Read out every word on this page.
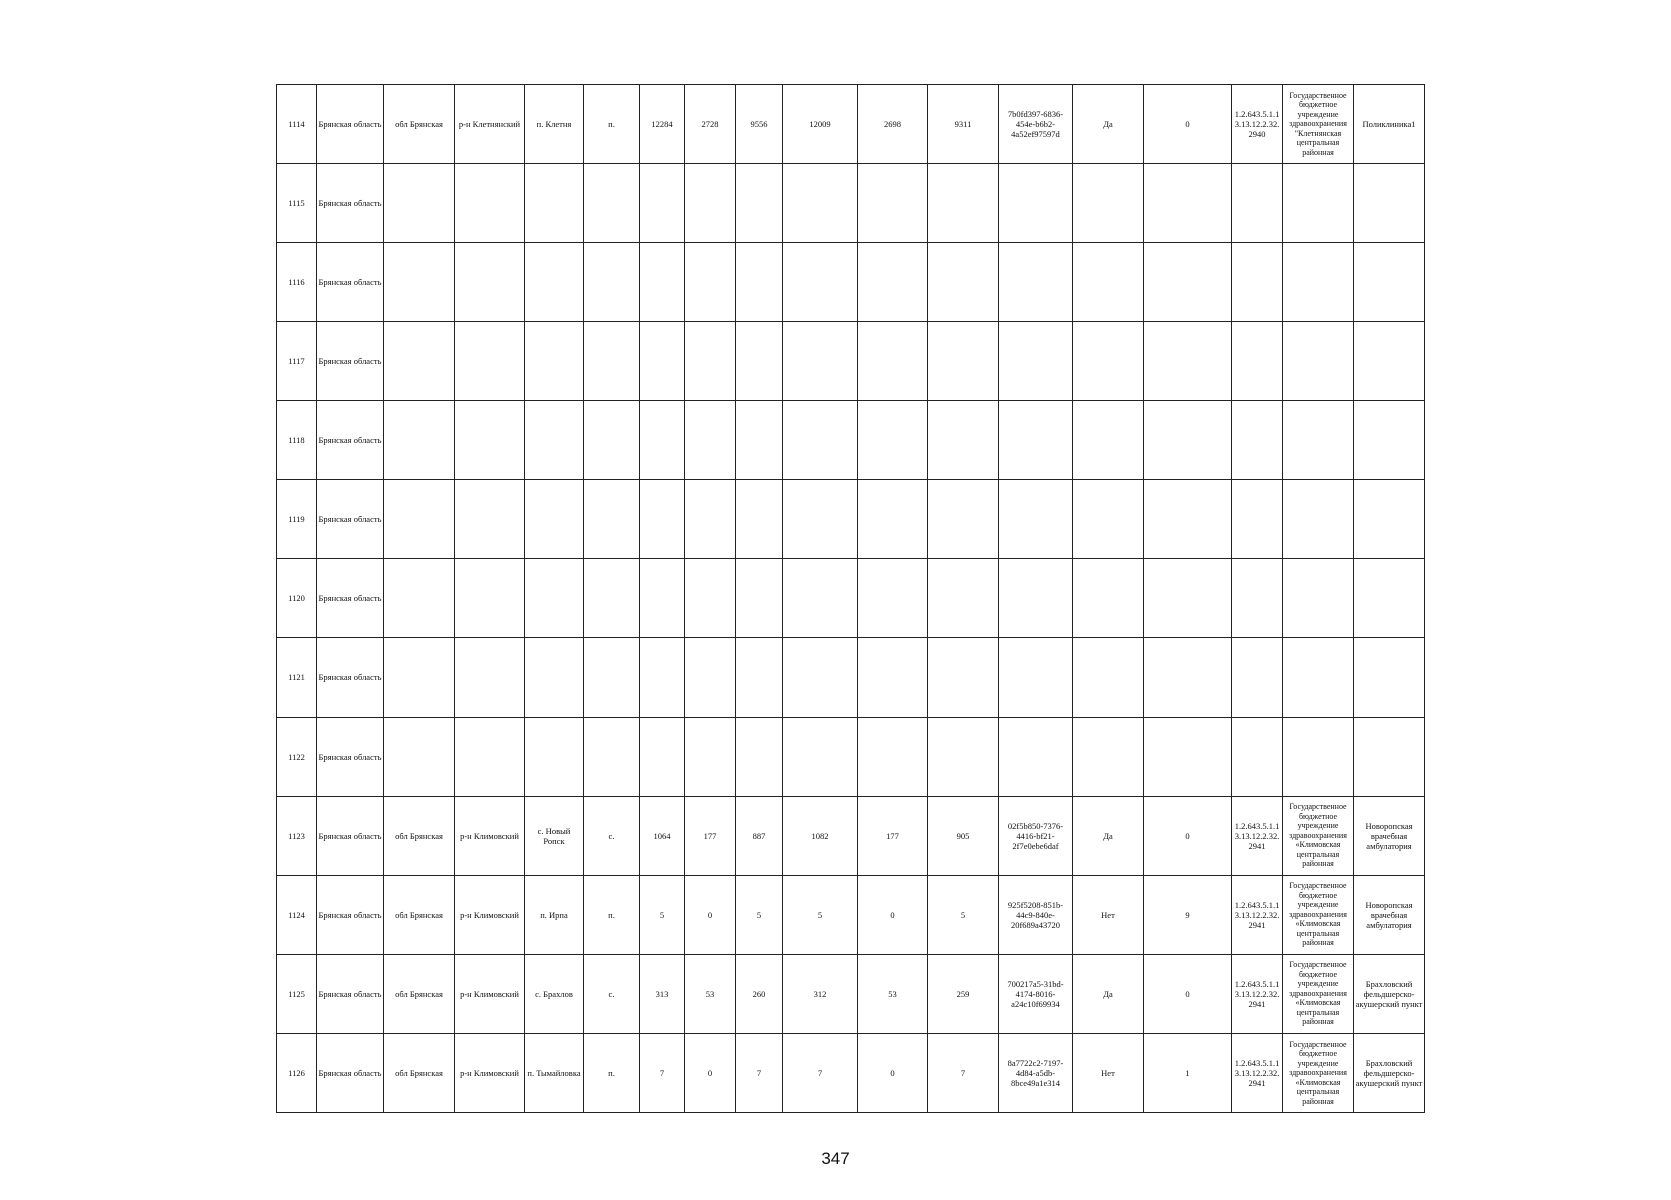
1114	Брянская область	обл Брянская	р-н Клетнянский	п. Клетня	п.	12284	2728	9556	12009	2698	9311	7b0fd397-6836-454e-b6b2-4a52ef97597d	Да	0	1.2.643.5.1.13.13.12.2.32.2940	Государственное бюджетное учреждение здравоохранения "Клетнянская центральная районная	Поликлиника1
1115	Брянская область															

1116	Брянская область															

1117	Брянская область															

1118	Брянская область															

1119	Брянская область															

1120	Брянская область															

1121	Брянская область															

1122	Брянская область															

1123	Брянская область	обл Брянская	р-н Климовский	с. Новый Ропск	с.	1064	177	887	1082	177	905	02f5b850-7376-4416-bf21-2f7e0ebe6daf	Да	0	1.2.643.5.1.13.13.12.2.32.2941	Государственное бюджетное учреждение здравоохранения «Климовская центральная районная	Новоропская врачебная амбулатория
1124	Брянская область	обл Брянская	р-н Климовский	п. Ирпа	п.	5	0	5	5	0	5	925f5208-851b-44c9-840e-20f689a43720	Нет	9	1.2.643.5.1.13.13.12.2.32.2941	Государственное бюджетное учреждение здравоохранения «Климовская центральная районная	Новоропская врачебная амбулатория
1125	Брянская область	обл Брянская	р-н Климовский	с. Брахлов	с.	313	53	260	312	53	259	700217a5-31bd-4174-8016-a24c10f69934	Да	0	1.2.643.5.1.13.13.12.2.32.2941	Государственное бюджетное учреждение здравоохранения «Климовская центральная районная	Брахловский фельдшерско-акушерский пункт
1126	Брянская область	обл Брянская	р-н Климовский	п. Тымайловка	п.	7	0	7	7	0	7	8a7722c2-7197-4d84-a5db-8bce49a1e314	Нет	1	1.2.643.5.1.13.13.12.2.32.2941	Государственное бюджетное учреждение здравоохранения «Климовская центральная районная	Брахловский фельдшерско-акушерский пункт
347
